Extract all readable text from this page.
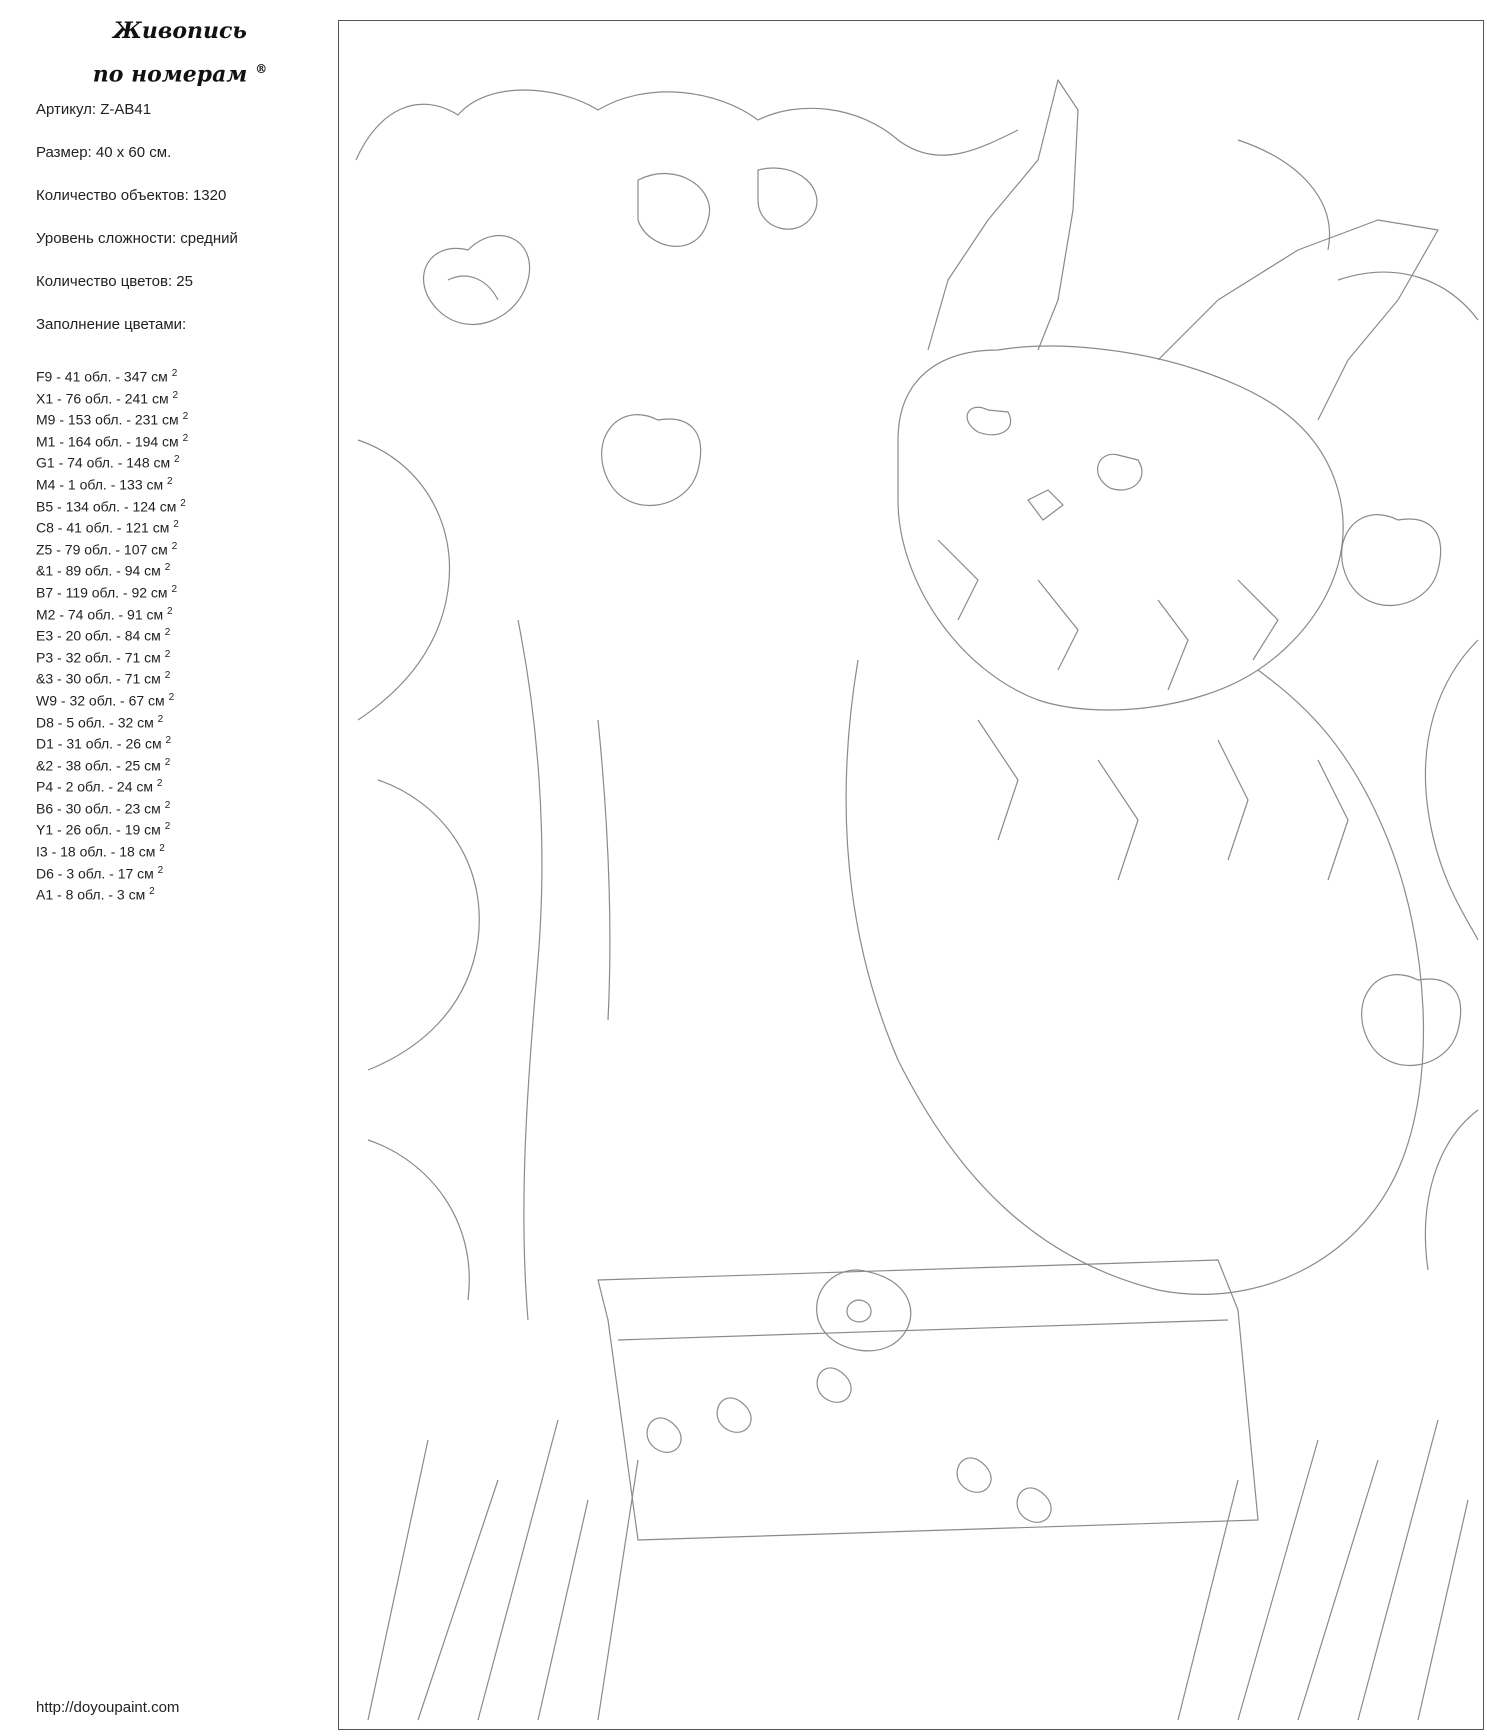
Живопись
по номерам ®
Артикул: Z-AB41
Размер: 40 х 60 см.
Количество объектов: 1320
Уровень сложности: средний
Количество цветов: 25
Заполнение цветами:
F9 - 41 обл. - 347 см $^2$
X1 - 76 обл. - 241 см $^2$
M9 - 153 обл. - 231 см $^2$
M1 - 164 обл. - 194 см $^2$
G1 - 74 обл. - 148 см $^2$
M4 - 1 обл. - 133 см $^2$
B5 - 134 обл. - 124 см $^2$
C8 - 41 обл. - 121 см $^2$
Z5 - 79 обл. - 107 см $^2$
&1 - 89 обл. - 94 см $^2$
B7 - 119 обл. - 92 см $^2$
M2 - 74 обл. - 91 см $^2$
E3 - 20 обл. - 84 см $^2$
P3 - 32 обл. - 71 см $^2$
&3 - 30 обл. - 71 см $^2$
W9 - 32 обл. - 67 см $^2$
D8 - 5 обл. - 32 см $^2$
D1 - 31 обл. - 26 см $^2$
&2 - 38 обл. - 25 см $^2$
P4 - 2 обл. - 24 см $^2$
B6 - 30 обл. - 23 см $^2$
Y1 - 26 обл. - 19 см $^2$
I3 - 18 обл. - 18 см $^2$
D6 - 3 обл. - 17 см $^2$
A1 - 8 обл. - 3 см $^2$
http://doyoupaint.com
